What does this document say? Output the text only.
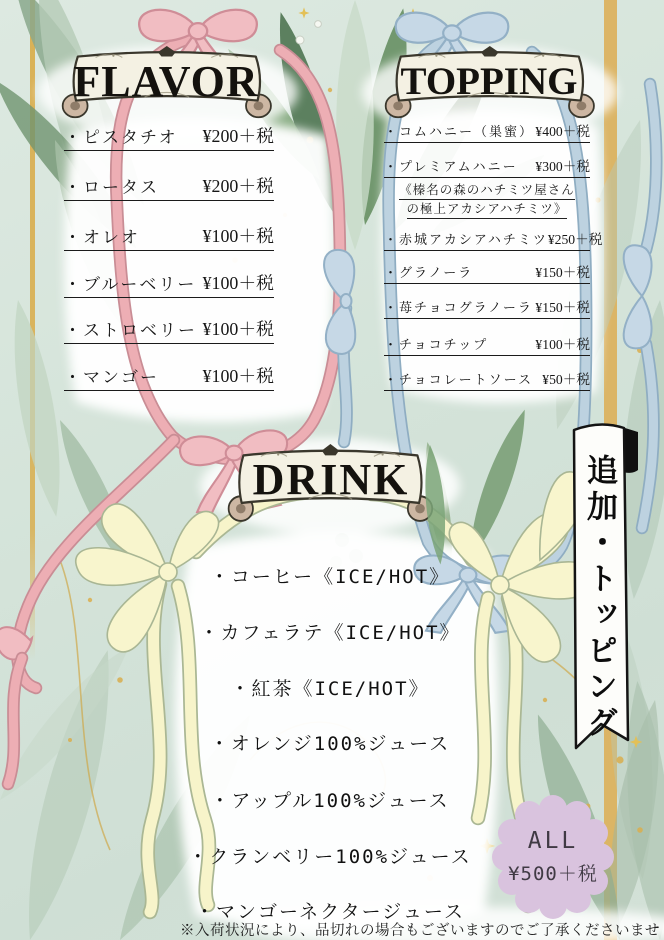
FLAVOR	TOPPING
DRINK
・ピスタチオ ¥200＋税
・ロータス ¥200＋税
・オレオ	¥100＋税
・ブルーベリー ¥100＋税
・ストロベリー ¥100＋税
・マンゴー ¥100＋税
・コムハニー（巣蜜） ¥400＋税
・プレミアムハニー ¥300＋税
《榛名の森のハチミツ屋さん
の極上アカシアハチミツ》
・赤城アカシアハチミツ ¥250＋税
・グラノーラ	¥150＋税
・苺チョコグラノーラ ¥150＋税
・チョコチップ	¥100＋税
・チョコレートソース ¥50＋税
・コーヒー《ICE/HOT》
・カフェラテ《ICE/HOT》
・紅茶《ICE/HOT》
・オレンジ100%ジュース
・アップル100%ジュース
・クランベリー100%ジュース
・マンゴーネクタージュース
追加・トッピング
ALL
¥500＋税
※入荷状況により、品切れの場合もございますのでご了承くださいませ
